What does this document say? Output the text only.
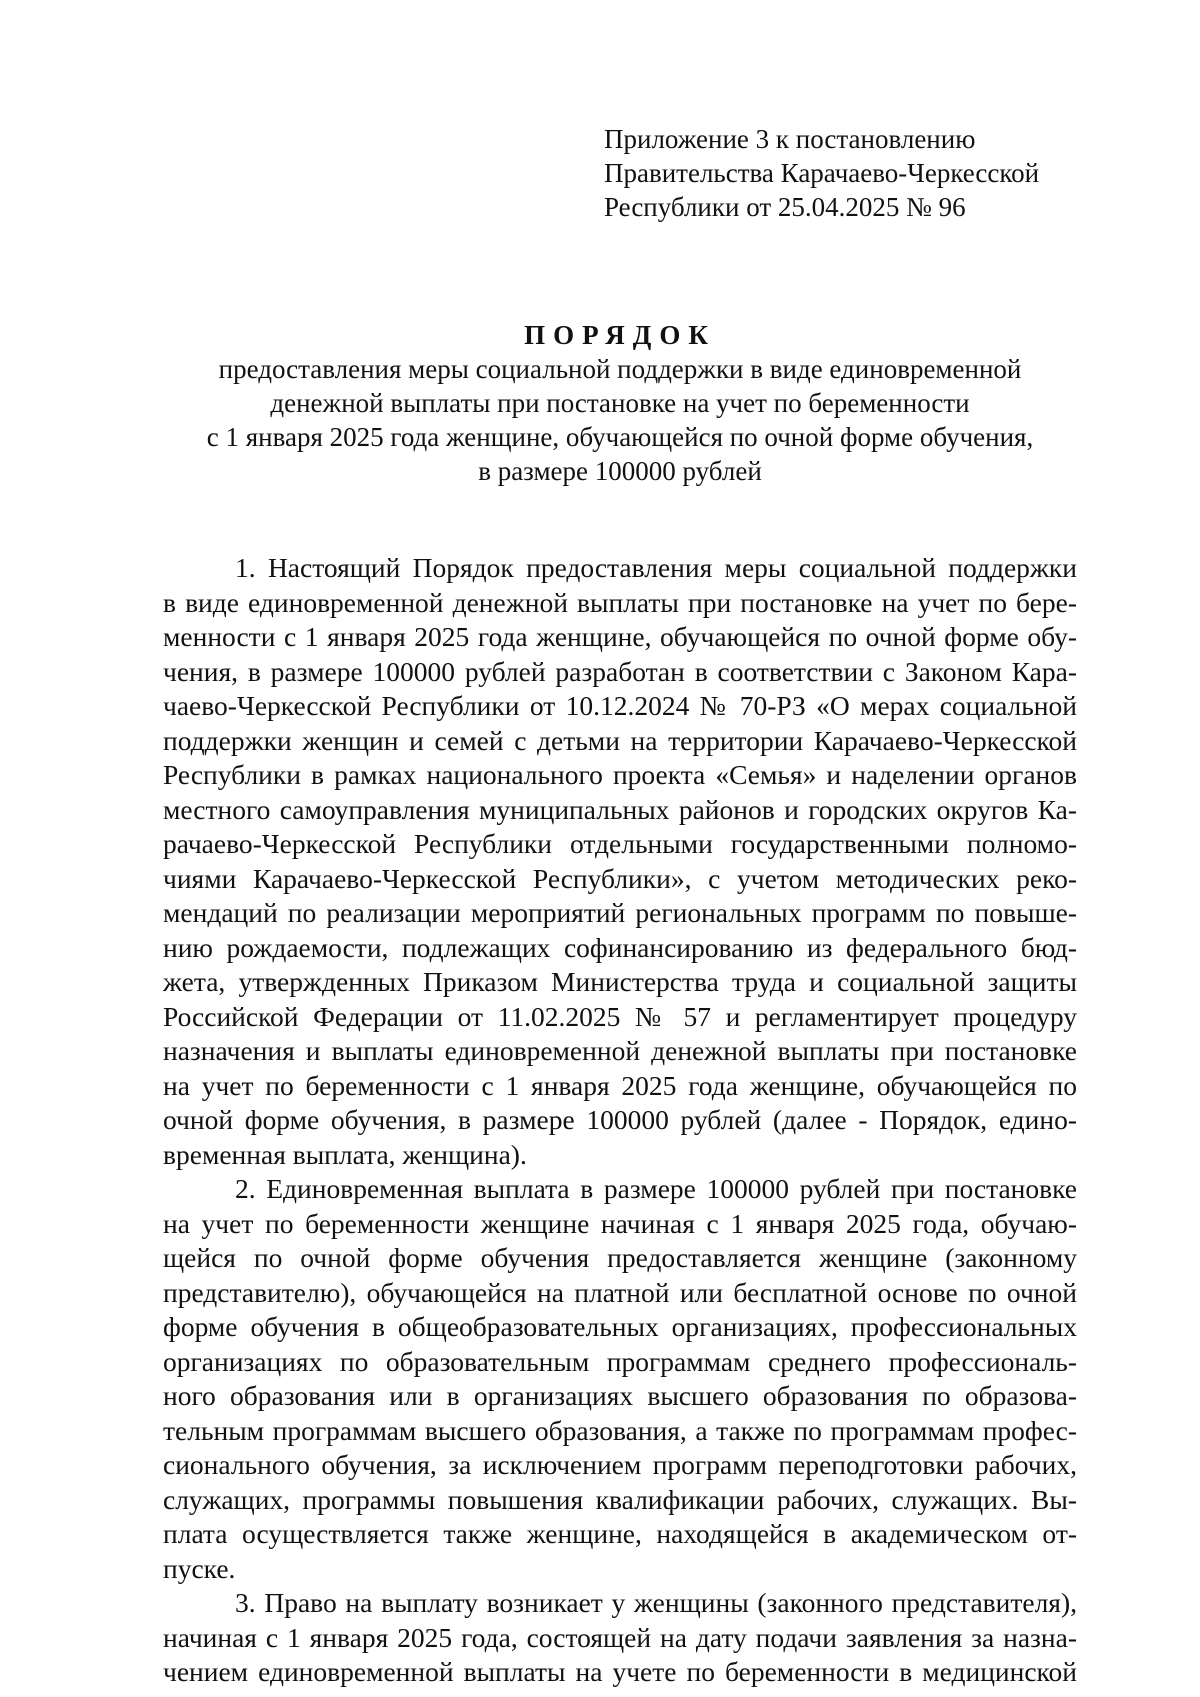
Приложение 3 к постановлению
Правительства Карачаево-Черкесской
Республики от 25.04.2025 № 96
ПОРЯДОК
предоставления меры социальной поддержки в виде единовременной
денежной выплаты при постановке на учет по беременности
с 1 января 2025 года женщине, обучающейся по очной форме обучения,
в размере 100000 рублей
1. Настоящий Порядок предоставления меры социальной поддержки
в виде единовременной денежной выплаты при постановке на учет по бере-
менности с 1 января 2025 года женщине, обучающейся по очной форме обу-
чения, в размере 100000 рублей разработан в соответствии с Законом Кара-
чаево-Черкесской Республики от 10.12.2024 № 70-РЗ «О мерах социальной
поддержки женщин и семей с детьми на территории Карачаево-Черкесской
Республики в рамках национального проекта «Семья» и наделении органов
местного самоуправления муниципальных районов и городских округов Ка-
рачаево-Черкесской Республики отдельными государственными полномо-
чиями Карачаево-Черкесской Республики», с учетом методических реко-
мендаций по реализации мероприятий региональных программ по повыше-
нию рождаемости, подлежащих софинансированию из федерального бюд-
жета, утвержденных Приказом Министерства труда и социальной защиты
Российской Федерации от 11.02.2025 № 57 и регламентирует процедуру
назначения и выплаты единовременной денежной выплаты при постановке
на учет по беременности с 1 января 2025 года женщине, обучающейся по
очной форме обучения, в размере 100000 рублей (далее - Порядок, едино-
временная выплата, женщина).
2. Единовременная выплата в размере 100000 рублей при постановке
на учет по беременности женщине начиная с 1 января 2025 года, обучаю-
щейся по очной форме обучения предоставляется женщине (законному
представителю), обучающейся на платной или бесплатной основе по очной
форме обучения в общеобразовательных организациях, профессиональных
организациях по образовательным программам среднего профессиональ-
ного образования или в организациях высшего образования по образова-
тельным программам высшего образования, а также по программам профес-
сионального обучения, за исключением программ переподготовки рабочих,
служащих, программы повышения квалификации рабочих, служащих. Вы-
плата осуществляется также женщине, находящейся в академическом от-
пуске.
3. Право на выплату возникает у женщины (законного представителя),
начиная с 1 января 2025 года, состоящей на дату подачи заявления за назна-
чением единовременной выплаты на учете по беременности в медицинской
